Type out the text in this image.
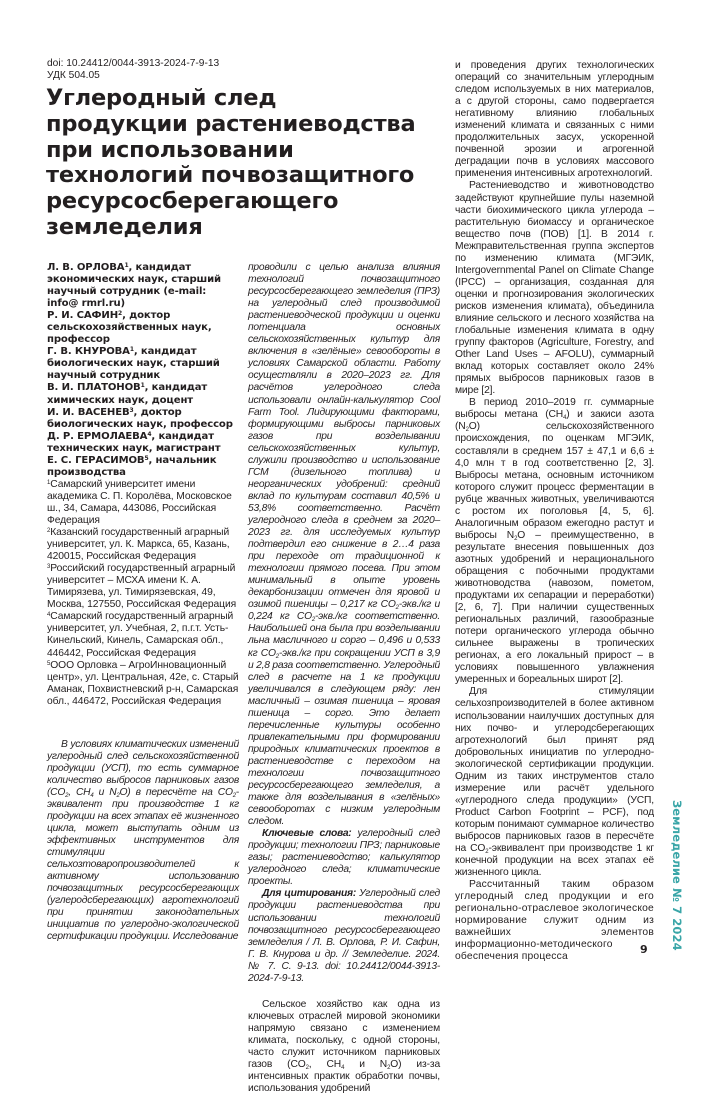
doi: 10.24412/0044-3913-2024-7-9-13
УДК 504.05
Углеродный след
продукции растениеводства
при использовании
технологий почвозащитного
ресурсосберегающего
земледелия
Л. В. ОРЛОВА$^1$, кандидат экономических наук, старший научный сотрудник (e-mail: info@ rmrl.ru)
Р. И. САФИН$^2$, доктор сельскохозяйственных наук, профессор
Г. В. КНУРОВА$^1$, кандидат биологических наук, старший научный сотрудник
В. И. ПЛАТОНОВ$^1$, кандидат химических наук, доцент
И. И. ВАСЕНЕВ$^3$, доктор биологических наук, профессор
Д. Р. ЕРМОЛАЕВА$^4$, кандидат технических наук, магистрант
Е. С. ГЕРАСИМОВ$^5$, начальник производства
$^1$Самарский университет имени академика С. П. Королёва, Московское ш., 34, Самара, 443086, Российская Федерация
$^2$Казанский государственный аграрный университет, ул. К. Маркса, 65, Казань, 420015, Российская Федерация
$^3$Российский государственный аграрный университет – МСХА имени К. А. Тимирязева, ул. Тимирязевская, 49, Москва, 127550, Российская Федерация
$^4$Самарский государственный аграрный университет, ул. Учебная, 2, п.г.т. Усть-Кинельский, Кинель, Самарская обл., 446442, Российская Федерация
$^5$ООО Орловка – АгроИнновационный центр», ул. Центральная, 42е, с. Старый Аманак, Похвистневский р-н, Самарская обл., 446472, Российская Федерация

В условиях климатических изменений углеродный след сельскохозяйственной продукции (УСП), то есть суммарное количество выбросов парниковых газов ($CO_2$, $CH_4$ и $N_2O$) в пересчёте на $CO_2$-эквивалент при производстве 1 кг продукции на всех этапах её жизненного цикла, может выступать одним из эффективных инструментов для стимуляции сельхозтоваропроизводителей к активному использованию почвозащитных ресурсосберегающих (углеродсберегающих) агротехнологий при принятии законодательных инициатив по углеродно-экологической сертификации продукции. Исследование

проводили с целью анализа влияния технологий почвозащитного ресурсосберегающего земледелия (ПРЗ) на углеродный след производимой растениеводческой продукции и оценки потенциала основных сельскохозяйственных культур для включения в «зелёные» севообороты в условиях Самарской области. Работу осуществляли в 2020–2023 гг. Для расчётов углеродного следа использовали онлайн-калькулятор Cool Farm Tool. Лидирующими факторами, формирующими выбросы парниковых газов при возделывании сельскохозяйственных культур, служили производство и использование ГСМ (дизельного топлива) и неорганических удобрений: средний вклад по культурам составил 40,5% и 53,8% соответственно. Расчёт углеродного следа в среднем за 2020–2023 гг. для исследуемых культур подтвердил его снижение в 2…4 раза при переходе от традиционной к технологии прямого посева. При этом минимальный в опыте уровень декарбонизации отмечен для яровой и озимой пшеницы – 0,217 кг $CO_2-экв./кг$ и 0,224 кг $CO_2-экв./кг$ соответственно. Наибольшей она была при возделывании льна масличного и сорго – 0,496 и 0,533 кг $CO_2-экв./кг$ при сокращении УСП в 3,9 и 2,8 раза соответственно. Углеродный след в расчете на 1 кг продукции увеличивался в следующем ряду: лен масличный – озимая пшеница – яровая пшеница – сорго. Это делает перечисленные культуры особенно привлекательными при формировании природных климатических проектов в растениеводстве с переходом на технологии почвозащитного ресурсосберегающего земледелия, а также для возделывания в «зелёных» севооборотах с низким углеродным следом.

Ключевые слова: углеродный след продукции; технологии ПРЗ; парниковые газы; растениеводство; калькулятор углеродного следа; климатические проекты.

Для цитирования: Углеродный след продукции растениеводства при использовании технологий почвозащитного ресурсосберегающего земледелия / Л. В. Орлова, Р. И. Сафин, Г. В. Кнурова и др. // Земледелие. 2024. № 7. С. 9-13. doi: 10.24412/0044-3913-2024-7-9-13.

Сельское хозяйство как одна из ключевых отраслей мировой экономики напрямую связано с изменением климата, поскольку, с одной стороны, часто служит источником парниковых газов ($CO_2$, $CH_4$ и $N_2O$) из-за интенсивных практик обработки почвы, использования удобрений

и проведения других технологических операций со значительным углеродным следом используемых в них материалов, а с другой стороны, само подвергается негативному влиянию глобальных изменений климата и связанных с ними продолжительных засух, ускоренной почвенной эрозии и агрогенной деградации почв в условиях массового применения интенсивных агротехнологий.

Растениеводство и животноводство задействуют крупнейшие пулы наземной части биохимического цикла углерода – растительную биомассу и органическое вещество почв (ПОВ) [1]. В 2014 г. Межправительственная группа экспертов по изменению климата (МГЭИК, Intergovernmental Panel on Climate Change (IPCC) – организация, созданная для оценки и прогнозирования экологических рисков изменения климата), объединила влияние сельского и лесного хозяйства на глобальные изменения климата в одну группу факторов (Agriculture, Forestry, and Other Land Uses – AFOLU), суммарный вклад которых составляет около 24% прямых выбросов парниковых газов в мире [2].

В период 2010–2019 гг. суммарные выбросы метана $(CH_4)$ и закиси азота $(N_2O)$ сельскохозяйственного происхождения, по оценкам МГЭИК, составляли в среднем 157 ± 47,1 и 6,6 ± 4,0 млн т в год соответственно [2, 3]. Выбросы метана, основным источником которого служит процесс ферментации в рубце жвачных животных, увеличиваются с ростом их поголовья [4, 5, 6]. Аналогичным образом ежегодно растут и выбросы $N_2O$ – преимущественно, в результате внесения повышенных доз азотных удобрений и нерационального обращения с побочными продуктами животноводства (навозом, пометом, продуктами их сепарации и переработки) [2, 6, 7]. При наличии существенных региональных различий, газообразные потери органического углерода обычно сильнее выражены в тропических регионах, а его локальный прирост – в условиях повышенного увлажнения умеренных и бореальных широт [2].

Для стимуляции сельхозпроизводителей в более активном использовании наилучших доступных для них почво- и углеродсберегающих агротехнологий был принят ряд добровольных инициатив по углеродно-экологической сертификации продукции. Одним из таких инструментов стало измерение или расчёт удельного «углеродного следа продукции» (УСП, Product Carbon Footprint – PCF), под которым понимают суммарное количество выбросов парниковых газов в пересчёте на $CO_2$-эквивалент при производстве 1 кг конечной продукции на всех этапах её жизненного цикла.

Рассчитанный таким образом углеродный след продукции и его регионально-отраслевое экологическое нормирование служит одним из важнейших элементов информационно-методического обеспечения процесса

Земледелие № 7 2024
9
